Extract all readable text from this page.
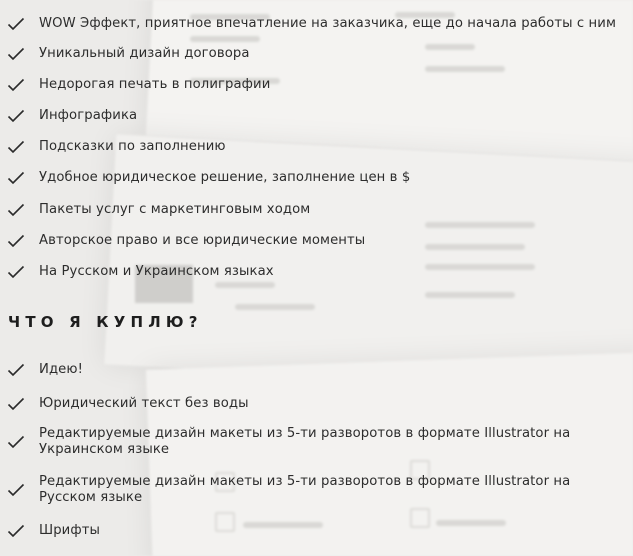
WOW Эффект, приятное впечатление на заказчика, еще до начала работы с ним
Уникальный дизайн договора
Недорогая печать в полиграфии
Инфографика
Подсказки по заполнению
Удобное юридическое решение, заполнение цен в $
Пакеты услуг с маркетинговым ходом
Авторское право и все юридические моменты
На Русском и Украинском языках
ЧТО Я КУПЛЮ?
Идею!
Юридический текст без воды
Редактируемые дизайн макеты из 5-ти разворотов в формате Illustrator на Украинском языке
Редактируемые дизайн макеты из 5-ти разворотов в формате Illustrator на Русском языке
Шрифты
